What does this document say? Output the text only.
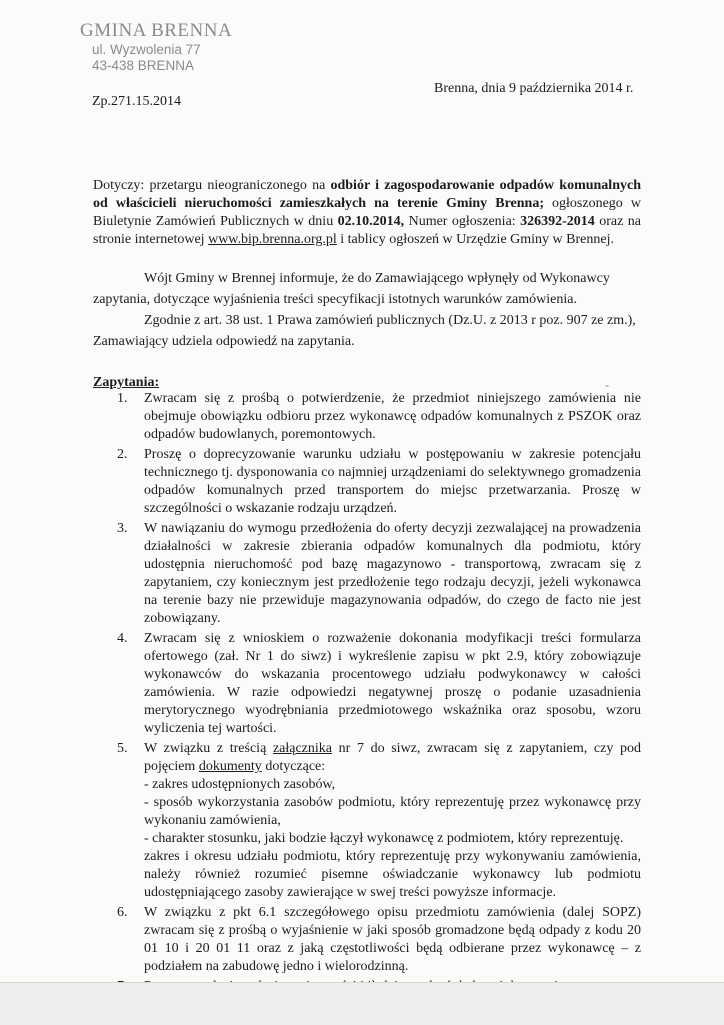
GMINA BRENNA
ul. Wyzwolenia 77
43-438 BRENNA
Brenna, dnia 9 października 2014 r.
Zp.271.15.2014
Dotyczy: przetargu nieograniczonego na odbiór i zagospodarowanie odpadów komunalnych od właścicieli nieruchomości zamieszkałych na terenie Gminy Brenna; ogłoszonego w Biuletynie Zamówień Publicznych w dniu 02.10.2014, Numer ogłoszenia: 326392-2014 oraz na stronie internetowej www.bip.brenna.org.pl i tablicy ogłoszeń w Urzędzie Gminy w Brennej.

Wójt Gminy w Brennej informuje, że do Zamawiającego wpłynęły od Wykonawcy zapytania, dotyczące wyjaśnienia treści specyfikacji istotnych warunków zamówienia.

Zgodnie z art. 38 ust. 1 Prawa zamówień publicznych (Dz.U. z 2013 r poz. 907 ze zm.), Zamawiający udziela odpowiedź na zapytania.

Zapytania:	-
1. Zwracam się z prośbą o potwierdzenie, że przedmiot niniejszego zamówienia nie obejmuje obowiązku odbioru przez wykonawcę odpadów komunalnych z PSZOK oraz odpadów budowlanych, poremontowych.
2. Proszę o doprecyzowanie warunku udziału w postępowaniu w zakresie potencjału technicznego tj. dysponowania co najmniej urządzeniami do selektywnego gromadzenia odpadów komunalnych przed transportem do miejsc przetwarzania. Proszę w szczególności o wskazanie rodzaju urządzeń.
3. W nawiązaniu do wymogu przedłożenia do oferty decyzji zezwalającej na prowadzenia działalności w zakresie zbierania odpadów komunalnych dla podmiotu, który udostępnia nieruchomość pod bazę magazynowo - transportową, zwracam się z zapytaniem, czy koniecznym jest przedłożenie tego rodzaju decyzji, jeżeli wykonawca na terenie bazy nie przewiduje magazynowania odpadów, do czego de facto nie jest zobowiązany.
4. Zwracam się z wnioskiem o rozważenie dokonania modyfikacji treści formularza ofertowego (zał. Nr 1 do siwz) i wykreślenie zapisu w pkt 2.9, który zobowiązuje wykonawców do wskazania procentowego udziału podwykonawcy w całości zamówienia. W razie odpowiedzi negatywnej proszę o podanie uzasadnienia merytorycznego wyodrębniania przedmiotowego wskaźnika oraz sposobu, wzoru wyliczenia tej wartości.
5. W związku z treścią załącznika nr 7 do siwz, zwracam się z zapytaniem, czy pod pojęciem dokumenty dotyczące:
- zakres udostępnionych zasobów,
- sposób wykorzystania zasobów podmiotu, który reprezentuję przez wykonawcę przy wykonaniu zamówienia,
- charakter stosunku, jaki bodzie łączył wykonawcę z podmiotem, który reprezentuję.
zakres i okresu udziału podmiotu, który reprezentuję przy wykonywaniu zamówienia, należy również rozumieć pisemne oświadczanie wykonawcy lub podmiotu udostępniającego zasoby zawierające w swej treści powyższe informacje.
6. W związku z pkt 6.1 szczegółowego opisu przedmiotu zamówienia (dalej SOPZ) zwracam się z prośbą o wyjaśnienie w jaki sposób gromadzone będą odpady z kodu 20 01 10 i 20 01 11 oraz z jaką częstotliwości będą odbierane przez wykonawcę – z podziałem na zabudowę jedno i wielorodzinną.
